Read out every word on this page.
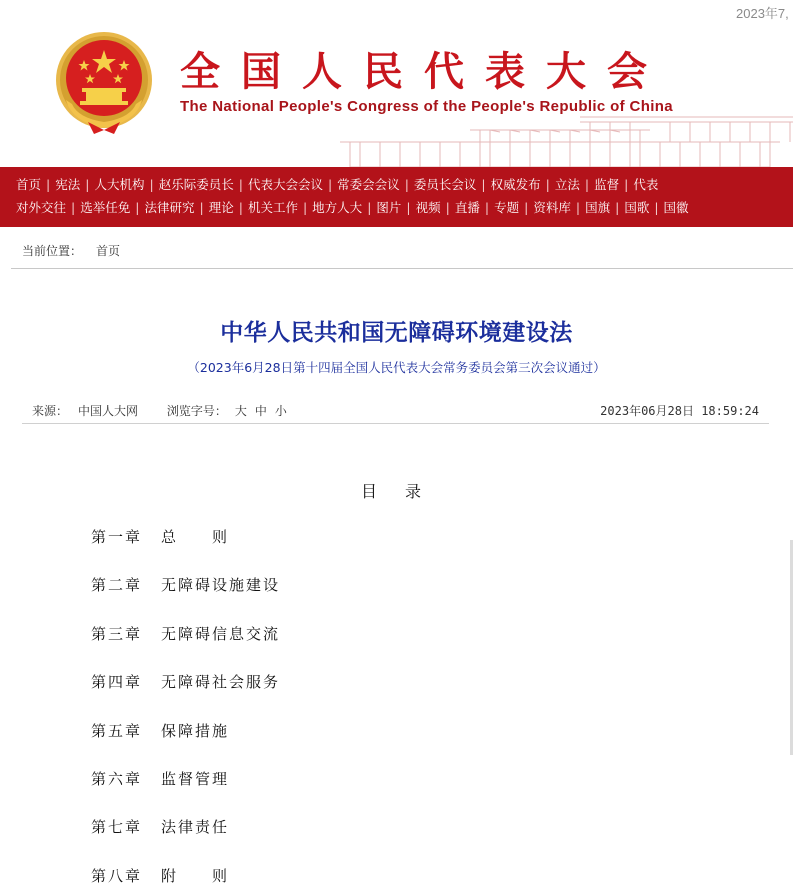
2023年7,
全国人民代表大会
The National People's Congress of the People's Republic of China
首页 | 宪法 | 人大机构 | 赵乐际委员长 | 代表大会会议 | 常委会会议 | 委员长会议 | 权威发布 | 立法 | 监督 | 代表
对外交往 | 选举任免 | 法律研究 | 理论 | 机关工作 | 地方人大 | 图片 | 视频 | 直播 | 专题 | 资料库 | 国旗 | 国歌 | 国徽
当前位置： 首页
中华人民共和国无障碍环境建设法
（2023年6月28日第十四届全国人民代表大会常务委员会第三次会议通过）
来源： 中国人大网 浏览字号： 大 中 小	2023年06月28日 18:59:24
目 录
第一章 总　　则
第二章 无障碍设施建设
第三章 无障碍信息交流
第四章 无障碍社会服务
第五章 保障措施
第六章 监督管理
第七章 法律责任
第八章 附　　则
